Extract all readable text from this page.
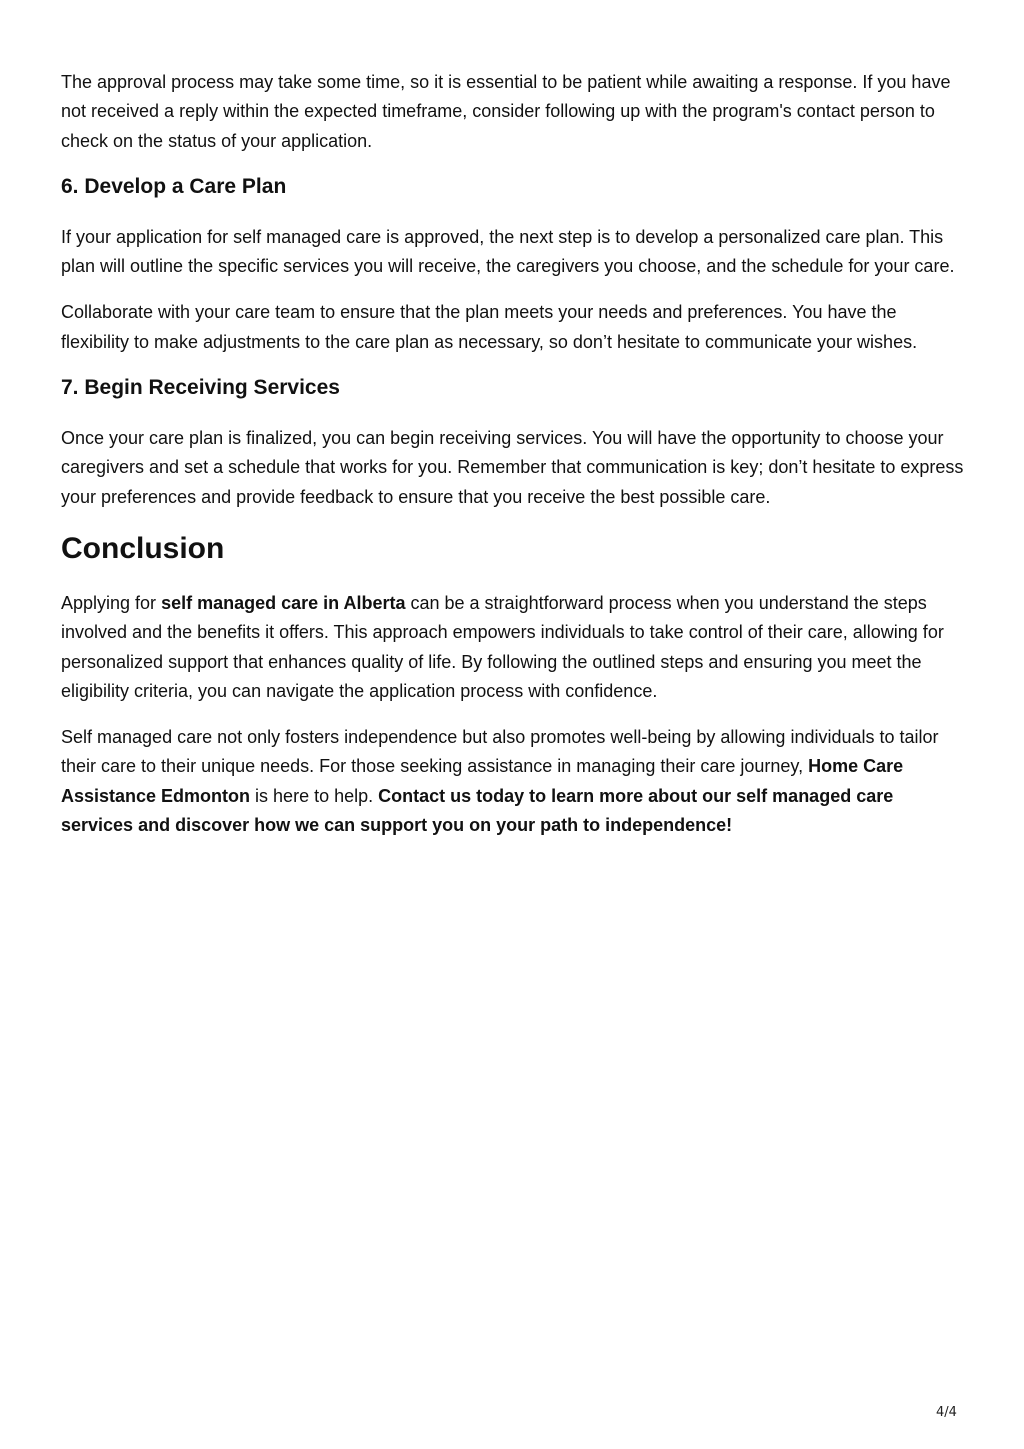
The approval process may take some time, so it is essential to be patient while awaiting a response. If you have not received a reply within the expected timeframe, consider following up with the program's contact person to check on the status of your application.

6. Develop a Care Plan

If your application for self managed care is approved, the next step is to develop a personalized care plan. This plan will outline the specific services you will receive, the caregivers you choose, and the schedule for your care.

Collaborate with your care team to ensure that the plan meets your needs and preferences. You have the flexibility to make adjustments to the care plan as necessary, so don’t hesitate to communicate your wishes.

7. Begin Receiving Services

Once your care plan is finalized, you can begin receiving services. You will have the opportunity to choose your caregivers and set a schedule that works for you. Remember that communication is key; don’t hesitate to express your preferences and provide feedback to ensure that you receive the best possible care.

Conclusion

Applying for self managed care in Alberta can be a straightforward process when you understand the steps involved and the benefits it offers. This approach empowers individuals to take control of their care, allowing for personalized support that enhances quality of life. By following the outlined steps and ensuring you meet the eligibility criteria, you can navigate the application process with confidence.

Self managed care not only fosters independence but also promotes well-being by allowing individuals to tailor their care to their unique needs. For those seeking assistance in managing their care journey, Home Care Assistance Edmonton is here to help. Contact us today to learn more about our self managed care services and discover how we can support you on your path to independence!

4/4
